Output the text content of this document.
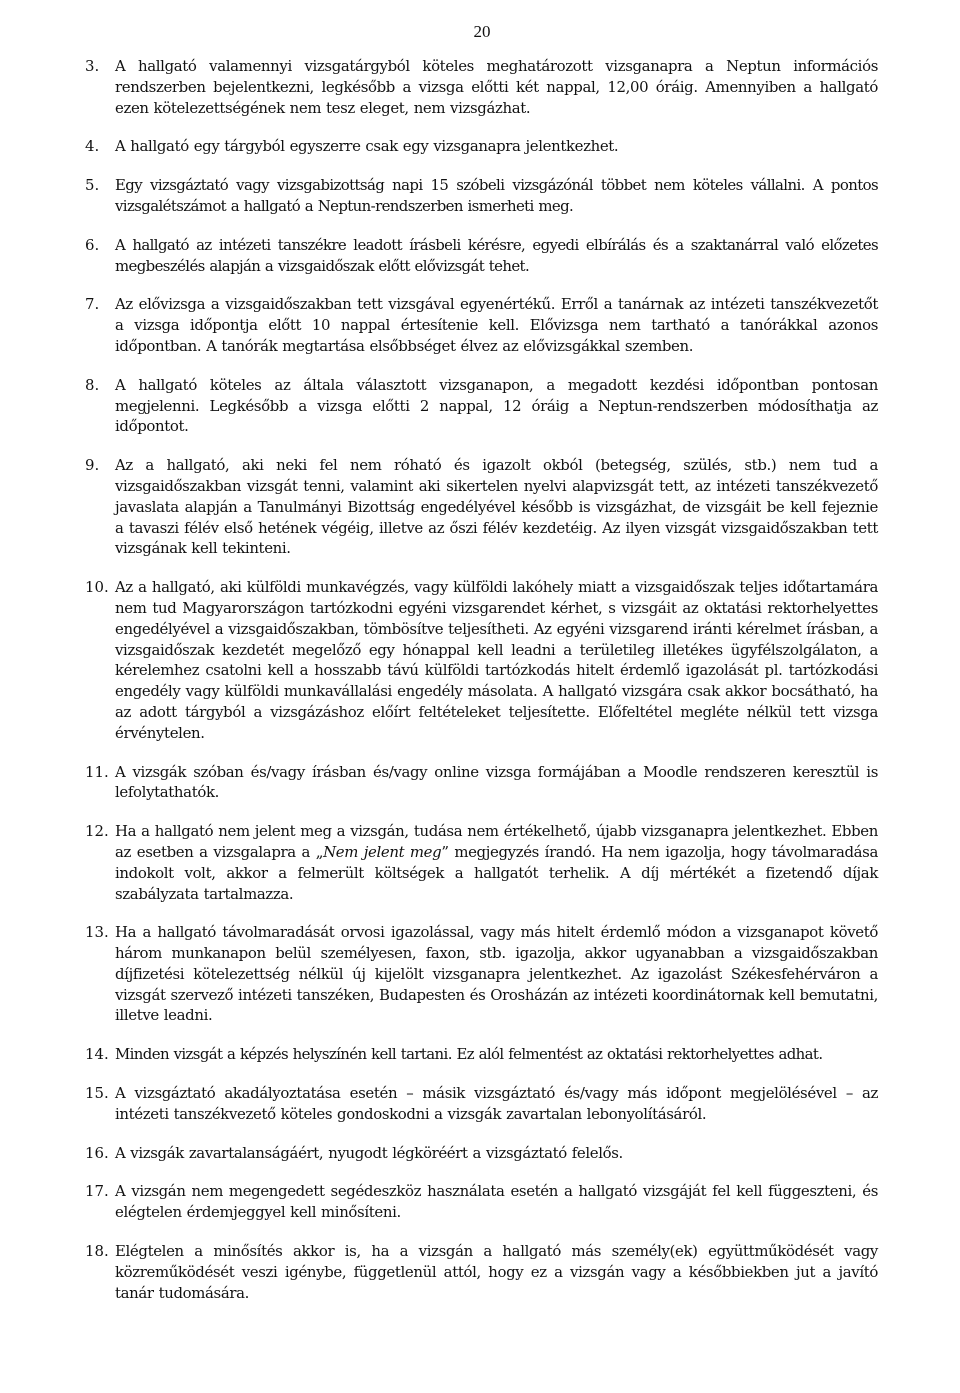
20
3.	A hallgató valamennyi vizsgatárgyból köteles meghatározott vizsganapra a Neptun információs rendszerben bejelentkezni, legkésőbb a vizsga előtti két nappal, 12,00 óráig. Amennyiben a hallgató ezen kötelezettségének nem tesz eleget, nem vizsgázhat.
4.	A hallgató egy tárgyból egyszerre csak egy vizsganapra jelentkezhet.
5.	Egy vizsgáztató vagy vizsgabizottság napi 15 szóbeli vizsgázónál többet nem köteles vállalni. A pontos vizsgalétszámot a hallgató a Neptun-rendszerben ismerheti meg.
6.	A hallgató az intézeti tanszékre leadott írásbeli kérésre, egyedi elbírálás és a szaktanárral való előzetes megbeszélés alapján a vizsgaidőszak előtt elővizsgát tehet.
7.	Az elővizsga a vizsgaidőszakban tett vizsgával egyenértékű. Erről a tanárnak az intézeti tanszékvezetőt a vizsga időpontja előtt 10 nappal értesítenie kell. Elővizsga nem tartható a tanórákkal azonos időpontban. A tanórák megtartása elsőbbséget élvez az elővizsgákkal szemben.
8.	A hallgató köteles az általa választott vizsganapon, a megadott kezdési időpontban pontosan megjelenni. Legkésőbb a vizsga előtti 2 nappal, 12 óráig a Neptun-rendszerben módosíthatja az időpontot.
9.	Az a hallgató, aki neki fel nem róható és igazolt okból (betegség, szülés, stb.) nem tud a vizsgaidőszakban vizsgát tenni, valamint aki sikertelen nyelvi alapvizsgát tett, az intézeti tanszékvezető javaslata alapján a Tanulmányi Bizottság engedélyével később is vizsgázhat, de vizsgáit be kell fejeznie a tavaszi félév első hetének végéig, illetve az őszi félév kezdetéig. Az ilyen vizsgát vizsgaidőszakban tett vizsgának kell tekinteni.
10. Az a hallgató, aki külföldi munkavégzés, vagy külföldi lakóhely miatt a vizsgaidőszak teljes időtartamára nem tud Magyarországon tartózkodni egyéni vizsgarendet kérhet, s vizsgáit az oktatási rektorhelyettes engedélyével a vizsgaidőszakban, tömbösítve teljesítheti. Az egyéni vizsgarend iránti kérelmet írásban, a vizsgaidőszak kezdetét megelőző egy hónappal kell leadni a területileg illetékes ügyfélszolgálaton, a kérelemhez csatolni kell a hosszabb távú külföldi tartózkodás hitelt érdemlő igazolását pl. tartózkodási engedély vagy külföldi munkavállalási engedély másolata. A hallgató vizsgára csak akkor bocsátható, ha az adott tárgyból a vizsgázáshoz előírt feltételeket teljesítette. Előfeltétel megléte nélkül tett vizsga érvénytelen.
11. A vizsgák szóban és/vagy írásban és/vagy online vizsga formájában a Moodle rendszeren keresztül is lefolytathatók.
12. Ha a hallgató nem jelent meg a vizsgán, tudása nem értékelhető, újabb vizsganapra jelentkezhet. Ebben az esetben a vizsgalapra a „Nem jelent meg” megjegyzés írandó. Ha nem igazolja, hogy távolmaradása indokolt volt, akkor a felmerült költségek a hallgatót terhelik. A díj mértékét a fizetendő díjak szabályzata tartalmazza.
13. Ha a hallgató távolmaradását orvosi igazolással, vagy más hitelt érdemlő módon a vizsganapot követő három munkanapon belül személyesen, faxon, stb. igazolja, akkor ugyanabban a vizsgaidőszakban díjfizetési kötelezettség nélkül új kijelölt vizsganapra jelentkezhet. Az igazolást Székesfehérváron a vizsgát szervező intézeti tanszéken, Budapesten és Orosházán az intézeti koordinátornak kell bemutatni, illetve leadni.
14. Minden vizsgát a képzés helyszínén kell tartani. Ez alól felmentést az oktatási rektorhelyettes adhat.
15. A vizsgáztató akadályoztatása esetén – másik vizsgáztató és/vagy más időpont megjelölésével – az intézeti tanszékvezető köteles gondoskodni a vizsgák zavartalan lebonyolításáról.
16. A vizsgák zavartalanságáért, nyugodt légköréért a vizsgáztató felelős.
17. A vizsgán nem megengedett segédeszköz használata esetén a hallgató vizsgáját fel kell függeszteni, és elégtelen érdemjeggyel kell minősíteni.
18. Elégtelen a minősítés akkor is, ha a vizsgán a hallgató más személy(ek) együttműködését vagy közreműködését veszi igénybe, függetlenül attól, hogy ez a vizsgán vagy a későbbiekben jut a javító tanár tudomására.
